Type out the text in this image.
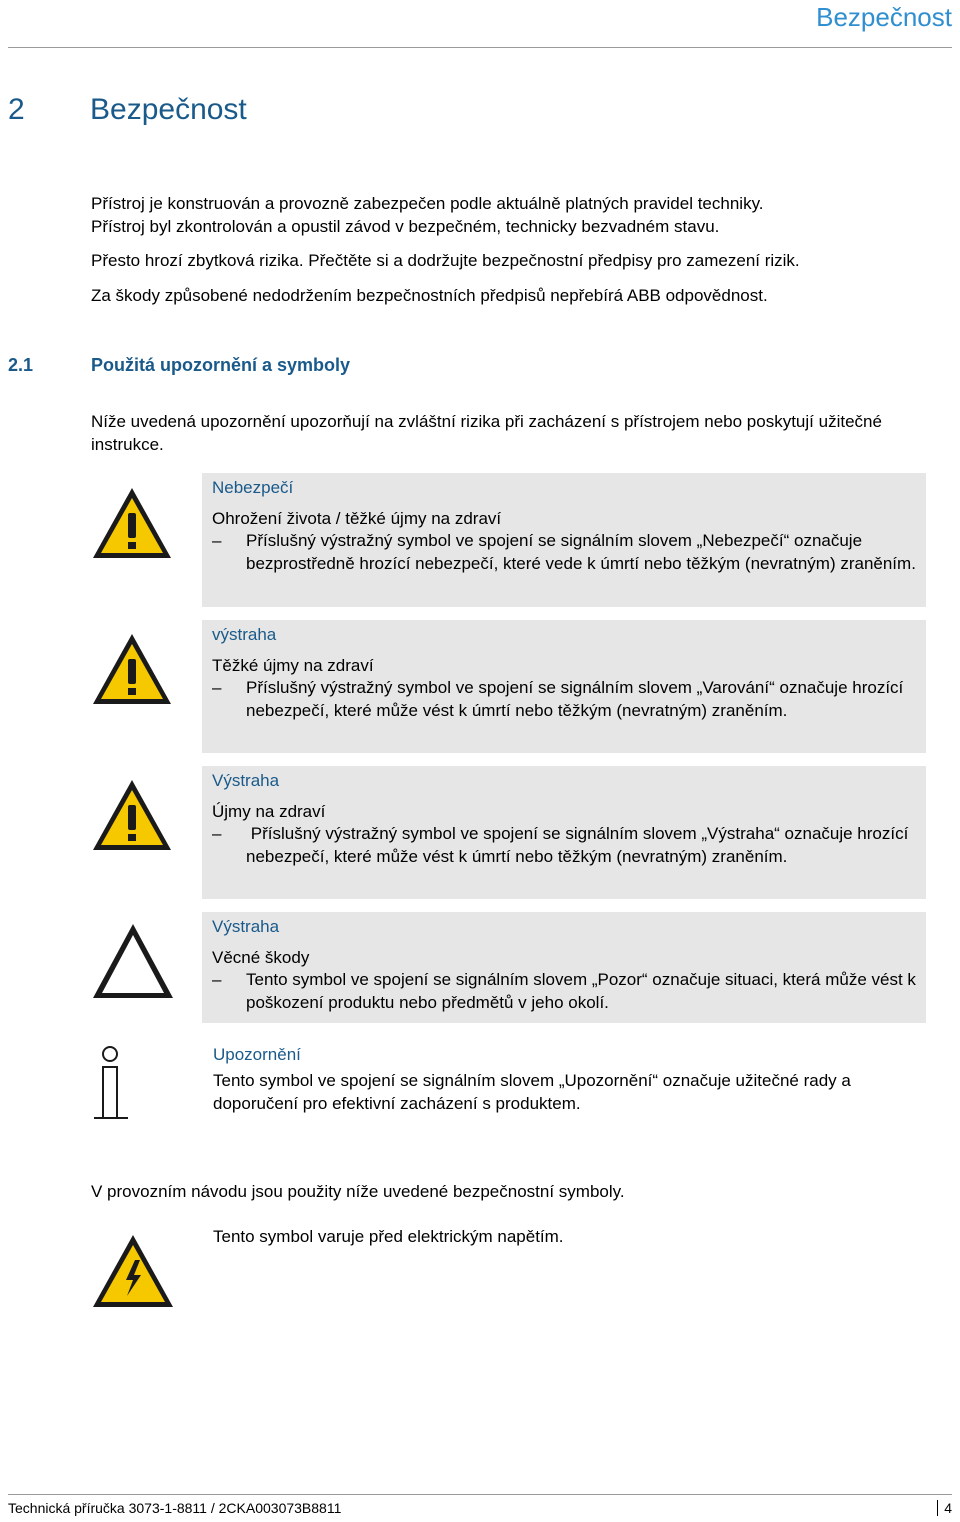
Bezpečnost
2 Bezpečnost
Přístroj je konstruován a provozně zabezpečen podle aktuálně platných pravidel techniky.
Přístroj byl zkontrolován a opustil závod v bezpečném, technicky bezvadném stavu.
Přesto hrozí zbytková rizika. Přečtěte si a dodržujte bezpečnostní předpisy pro zamezení rizik.
Za škody způsobené nedodržením bezpečnostních předpisů nepřebírá ABB odpovědnost.
2.1	Použitá upozornění a symboly
Níže uvedená upozornění upozorňují na zvláštní rizika při zacházení s přístrojem nebo poskytují užitečné instrukce.
Nebezpečí
Ohrožení života / těžké újmy na zdraví
– Příslušný výstražný symbol ve spojení se signálním slovem „Nebezpečí“ označuje bezprostředně hrozící nebezpečí, které vede k úmrtí nebo těžkým (nevratným) zraněním.
výstraha
Těžké újmy na zdraví
– Příslušný výstražný symbol ve spojení se signálním slovem „Varování“ označuje hrozící nebezpečí, které může vést k úmrtí nebo těžkým (nevratným) zraněním.
Výstraha
Újmy na zdraví
– Příslušný výstražný symbol ve spojení se signálním slovem „Výstraha“ označuje hrozící nebezpečí, které může vést k úmrtí nebo těžkým (nevratným) zraněním.
Výstraha
Věcné škody
– Tento symbol ve spojení se signálním slovem „Pozor“ označuje situaci, která může vést k poškození produktu nebo předmětů v jeho okolí.
Upozornění
Tento symbol ve spojení se signálním slovem „Upozornění“ označuje užitečné rady a doporučení pro efektivní zacházení s produktem.
V provozním návodu jsou použity níže uvedené bezpečnostní symboly.
Tento symbol varuje před elektrickým napětím.
Technická příručka 3073-1-8811 / 2CKA003073B8811	4
